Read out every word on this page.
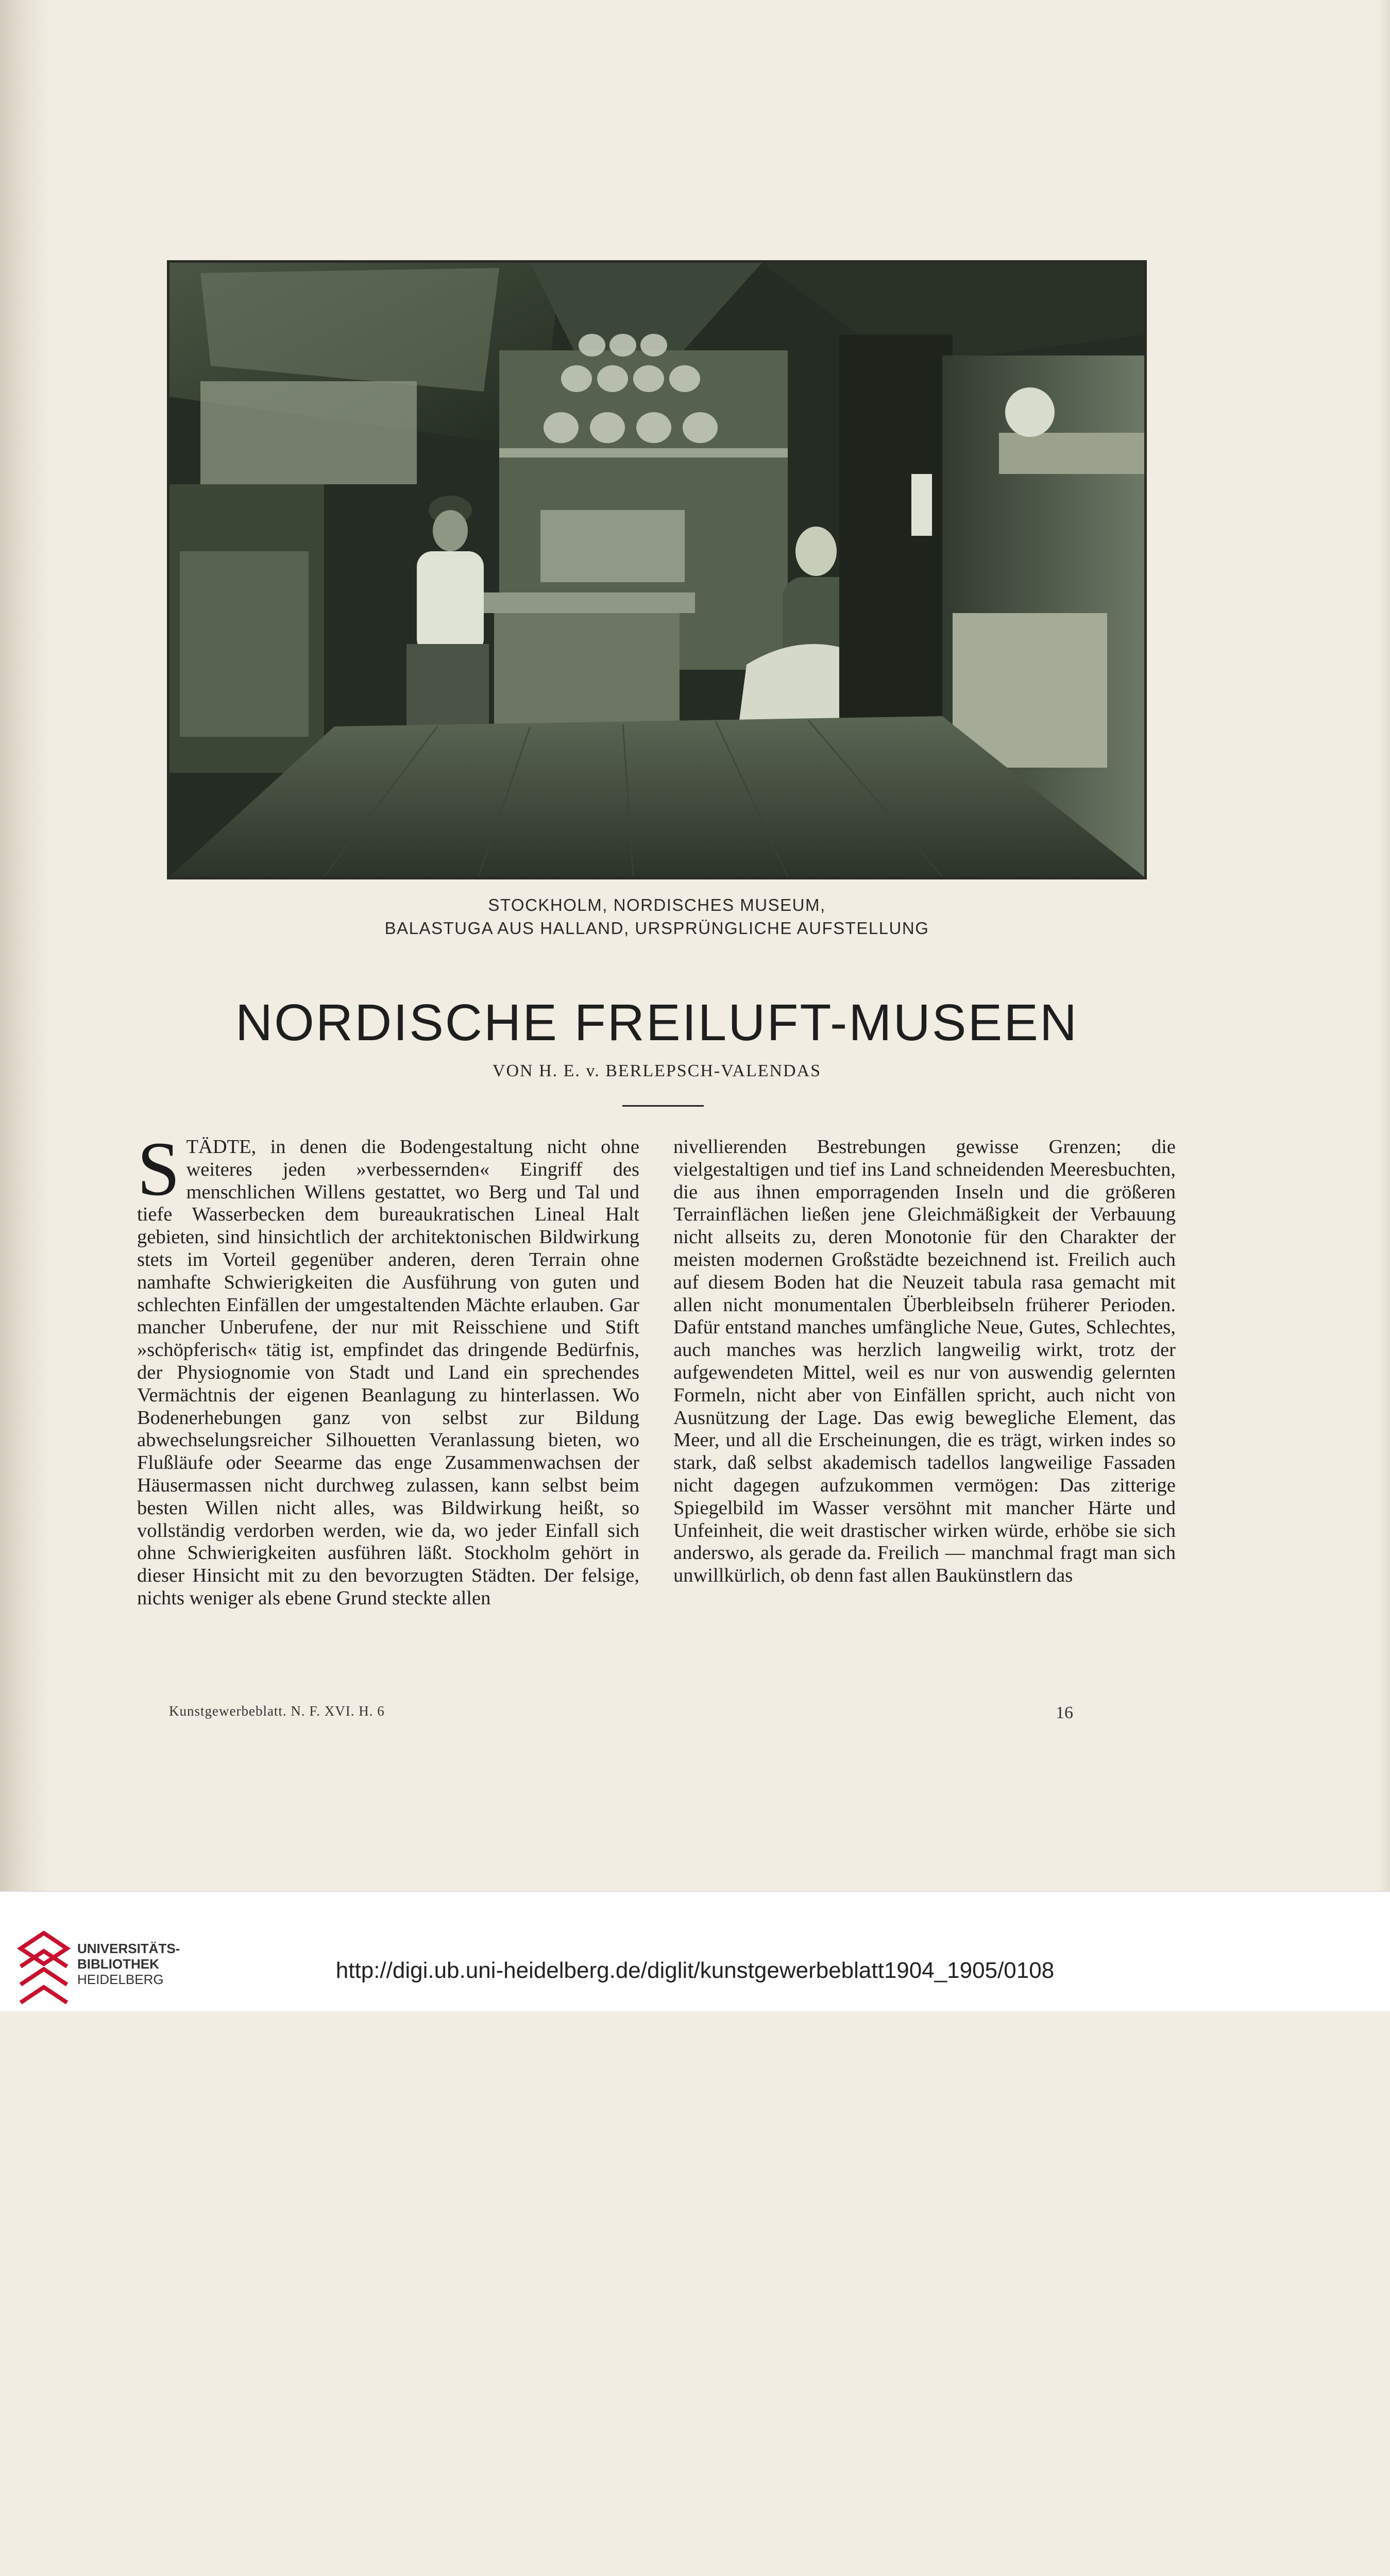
STOCKHOLM, NORDISCHES MUSEUM,
BALASTUGA AUS HALLAND, URSPRÜNGLICHE AUFSTELLUNG
NORDISCHE FREILUFT-MUSEEN
VON H. E. v. BERLEPSCH-VALENDAS
S TÄDTE, in denen die Bodengestaltung nicht ohne weiteres jeden »verbessernden« Eingriff des menschlichen Willens gestattet, wo Berg und Tal und tiefe Wasserbecken dem bureaukratischen Lineal Halt gebieten, sind hinsichtlich der architektonischen Bildwirkung stets im Vorteil gegenüber anderen, deren Terrain ohne namhafte Schwierigkeiten die Ausführung von guten und schlechten Einfällen der umgestaltenden Mächte erlauben. Gar mancher Unberufene, der nur mit Reisschiene und Stift »schöpferisch« tätig ist, empfindet das dringende Bedürfnis, der Physiognomie von Stadt und Land ein sprechendes Vermächtnis der eigenen Beanlagung zu hinterlassen. Wo Bodenerhebungen ganz von selbst zur Bildung abwechselungsreicher Silhouetten Veranlassung bieten, wo Flußläufe oder Seearme das enge Zusammenwachsen der Häusermassen nicht durchweg zulassen, kann selbst beim besten Willen nicht alles, was Bildwirkung heißt, so vollständig verdorben werden, wie da, wo jeder Einfall sich ohne Schwierigkeiten ausführen läßt. Stockholm gehört in dieser Hinsicht mit zu den bevorzugten Städten. Der felsige, nichts weniger als ebene Grund steckte allen

nivellierenden Bestrebungen gewisse Grenzen; die vielgestaltigen und tief ins Land schneidenden Meeresbuchten, die aus ihnen emporragenden Inseln und die größeren Terrainflächen ließen jene Gleichmäßigkeit der Verbauung nicht allseits zu, deren Monotonie für den Charakter der meisten modernen Großstädte bezeichnend ist. Freilich auch auf diesem Boden hat die Neuzeit tabula rasa gemacht mit allen nicht monumentalen Überbleibseln früherer Perioden. Dafür entstand manches umfängliche Neue, Gutes, Schlechtes, auch manches was herzlich langweilig wirkt, trotz der aufgewendeten Mittel, weil es nur von auswendig gelernten Formeln, nicht aber von Einfällen spricht, auch nicht von Ausnützung der Lage. Das ewig bewegliche Element, das Meer, und all die Erscheinungen, die es trägt, wirken indes so stark, daß selbst akademisch tadellos langweilige Fassaden nicht dagegen aufzukommen vermögen: Das zitterige Spiegelbild im Wasser versöhnt mit mancher Härte und Unfeinheit, die weit drastischer wirken würde, erhöbe sie sich anderswo, als gerade da. Freilich — manchmal fragt man sich unwillkürlich, ob denn fast allen Baukünstlern das

Kunstgewerbeblatt. N. F. XVI. H. 6	16
UNIVERSITÄTS-
BIBLIOTHEK
HEIDELBERG	http://digi.ub.uni-heidelberg.de/diglit/kunstgewerbeblatt1904_1905/0108
